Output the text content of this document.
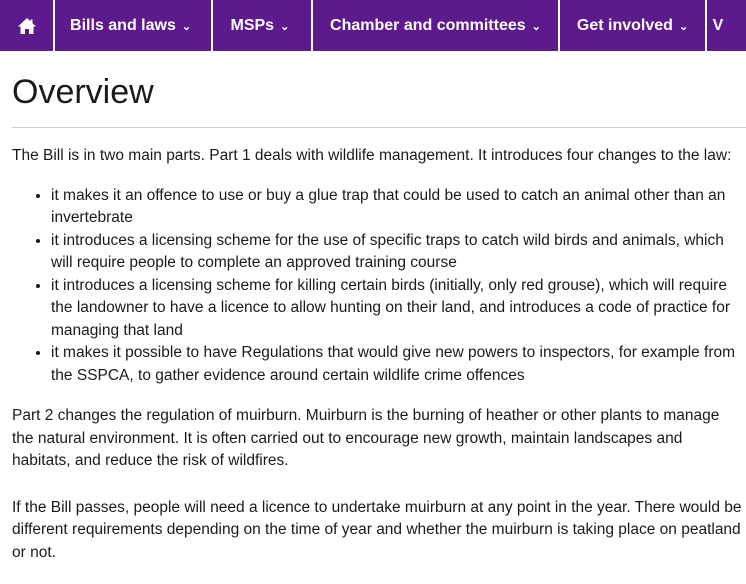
Bills and laws ⌄ MSPs ⌄	Chamber and committees ⌄ Get involved ⌄ V
Overview

The Bill is in two main parts. Part 1 deals with wildlife management. It introduces four changes to the law:

• it makes it an offence to use or buy a glue trap that could be used to catch an animal other than an invertebrate
• it introduces a licensing scheme for the use of specific traps to catch wild birds and animals, which will require people to complete an approved training course
• it introduces a licensing scheme for killing certain birds (initially, only red grouse), which will require the landowner to have a licence to allow hunting on their land, and introduces a code of practice for managing that land
• it makes it possible to have Regulations that would give new powers to inspectors, for example from the SSPCA, to gather evidence around certain wildlife crime offences

Part 2 changes the regulation of muirburn. Muirburn is the burning of heather or other plants to manage the natural environment. It is often carried out to encourage new growth, maintain landscapes and habitats, and reduce the risk of wildfires.

If the Bill passes, people will need a licence to undertake muirburn at any point in the year. There would be different requirements depending on the time of year and whether the muirburn is taking place on peatland or not.
